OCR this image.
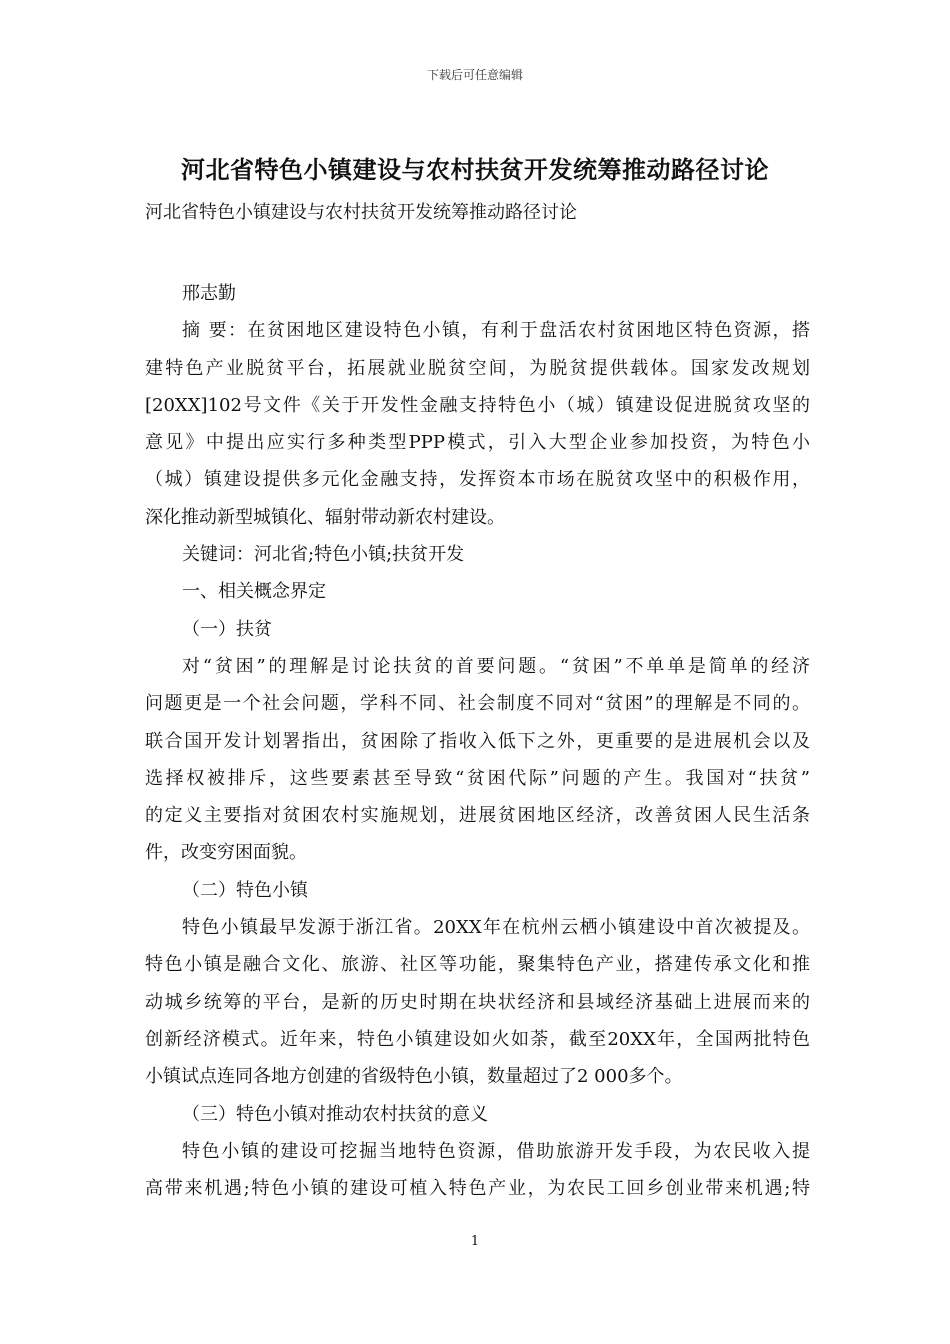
下载后可任意编辑
河北省特色小镇建设与农村扶贫开发统筹推动路径讨论
河北省特色小镇建设与农村扶贫开发统筹推动路径讨论
邢志勤
摘 要：在贫困地区建设特色小镇，有利于盘活农村贫困地区特色资源，搭
建特色产业脱贫平台，拓展就业脱贫空间，为脱贫提供载体。国家发改规划
[20XX]102号文件《关于开发性金融支持特色小（城）镇建设促进脱贫攻坚的
意见》中提出应实行多种类型PPP模式，引入大型企业参加投资，为特色小
（城）镇建设提供多元化金融支持，发挥资本市场在脱贫攻坚中的积极作用，
深化推动新型城镇化、辐射带动新农村建设。
关键词：河北省;特色小镇;扶贫开发
一、相关概念界定
（一）扶贫
对“贫困”的理解是讨论扶贫的首要问题。“贫困”不单单是简单的经济
问题更是一个社会问题，学科不同、社会制度不同对“贫困”的理解是不同的。
联合国开发计划署指出，贫困除了指收入低下之外，更重要的是进展机会以及
选择权被排斥，这些要素甚至导致“贫困代际”问题的产生。我国对“扶贫”
的定义主要指对贫困农村实施规划，进展贫困地区经济，改善贫困人民生活条
件，改变穷困面貌。
（二）特色小镇
特色小镇最早发源于浙江省。20XX年在杭州云栖小镇建设中首次被提及。
特色小镇是融合文化、旅游、社区等功能，聚集特色产业，搭建传承文化和推
动城乡统筹的平台，是新的历史时期在块状经济和县域经济基础上进展而来的
创新经济模式。近年来，特色小镇建设如火如荼，截至20XX年，全国两批特色
小镇试点连同各地方创建的省级特色小镇，数量超过了2 000多个。
（三）特色小镇对推动农村扶贫的意义
特色小镇的建设可挖掘当地特色资源，借助旅游开发手段，为农民收入提
高带来机遇;特色小镇的建设可植入特色产业，为农民工回乡创业带来机遇;特
1
